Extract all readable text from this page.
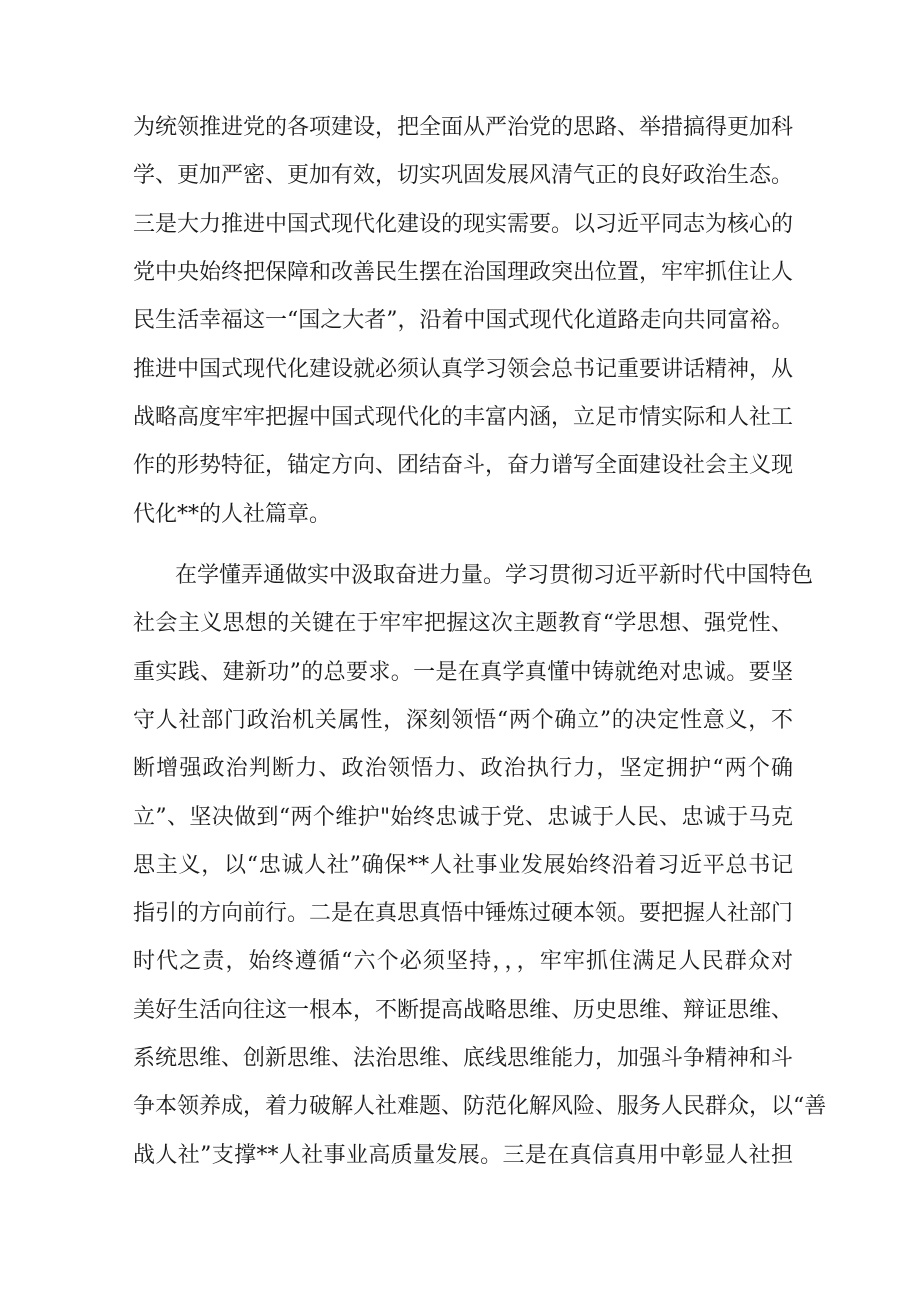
为统领推进党的各项建设，把全面从严治党的思路、举措搞得更加科
学、更加严密、更加有效，切实巩固发展风清气正的良好政治生态。
三是大力推进中国式现代化建设的现实需要。以习近平同志为核心的
党中央始终把保障和改善民生摆在治国理政突出位置，牢牢抓住让人
民生活幸福这一“国之大者”，沿着中国式现代化道路走向共同富裕。
推进中国式现代化建设就必须认真学习领会总书记重要讲话精神，从
战略高度牢牢把握中国式现代化的丰富内涵，立足市情实际和人社工
作的形势特征，锚定方向、团结奋斗，奋力谱写全面建设社会主义现
代化**的人社篇章。
在学懂弄通做实中汲取奋进力量。学习贯彻习近平新时代中国特色
社会主义思想的关键在于牢牢把握这次主题教育“学思想、强党性、
重实践、建新功”的总要求。一是在真学真懂中铸就绝对忠诚。要坚
守人社部门政治机关属性，深刻领悟“两个确立”的决定性意义，不
断增强政治判断力、政治领悟力、政治执行力，坚定拥护“两个确
立”、坚决做到“两个维护"始终忠诚于党、忠诚于人民、忠诚于马克
思主义，以“忠诚人社”确保**人社事业发展始终沿着习近平总书记
指引的方向前行。二是在真思真悟中锤炼过硬本领。要把握人社部门
时代之责，始终遵循“六个必须坚持，，，牢牢抓住满足人民群众对
美好生活向往这一根本，不断提高战略思维、历史思维、辩证思维、
系统思维、创新思维、法治思维、底线思维能力，加强斗争精神和斗
争本领养成，着力破解人社难题、防范化解风险、服务人民群众，以“善
战人社”支撑**人社事业高质量发展。三是在真信真用中彰显人社担
